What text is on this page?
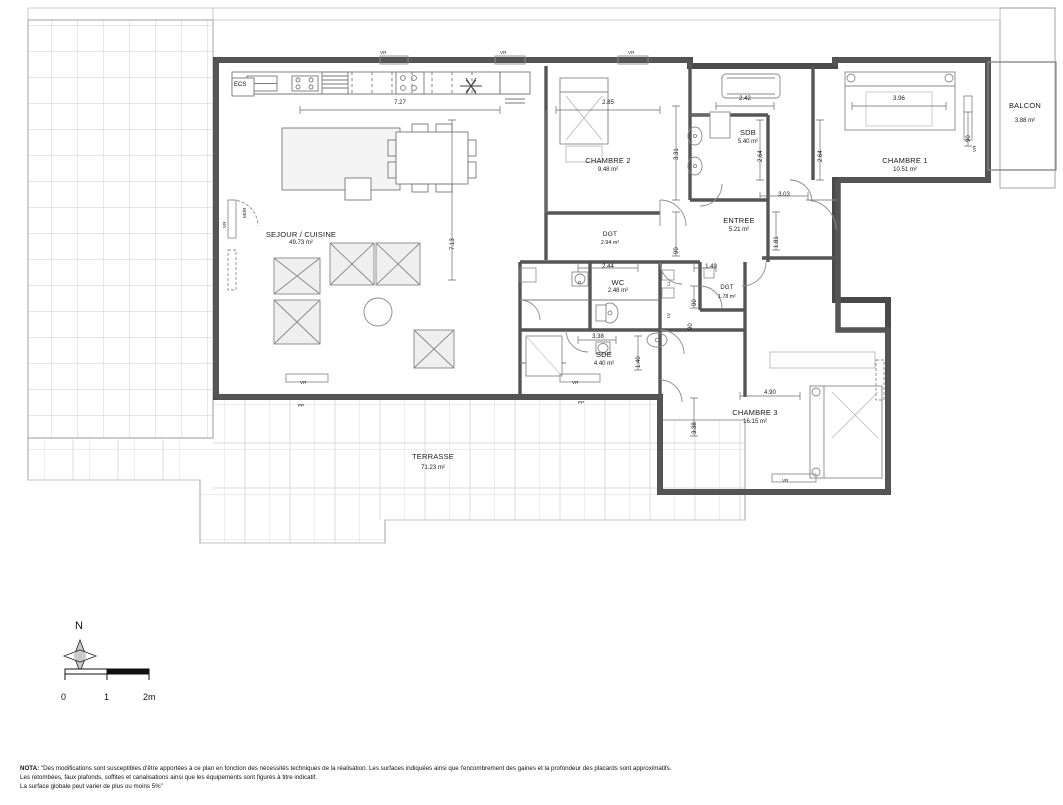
ECS
SEJOUR / CUISINE
49.73 m²
CHAMBRE 2
9.48 m²
CHAMBRE 1
10.51 m²
CHAMBRE 3
16.15 m²
SDB
5.40 m²
SDE
4.40 m²
WC
2.48 m²
ENTREE
5.21 m²
DGT
2.94 m²
DGT
1.78 m²
BALCON
3.88 m²
TERRASSE
71.23 m²
7.27
7.13
2.85
3.31
2.42
2.64	2.64
3.96
90
90
3.03
1.81
2.44	1.49
90
3.38
1.40
4.90
3.38
90
VR	VR	VR
VR	VR
VR
VR
VR
PP
PP
LL
LV
D
MUR
N
0	1	2m
NOTA: "Des modifications sont susceptibles d'être apportées à ce plan en fonction des nécessités techniques de la réalisation. Les surfaces indiquées ainsi que l'encombrement des gaines et la profondeur des placards sont approximatifs.
Les retombées, faux plafonds, soffites et canalisations ainsi que les équipements sont figurés à titre indicatif.
La surface globale peut varier de plus ou moins 5%"
